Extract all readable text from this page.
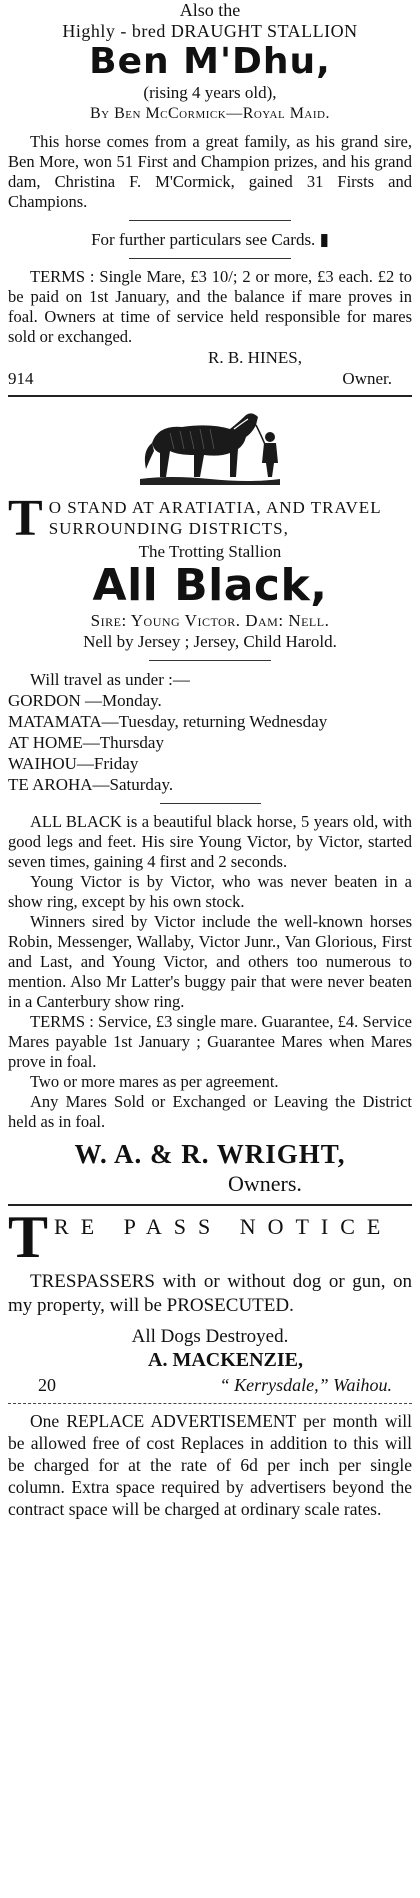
Also the
Highly - bred DRAUGHT STALLION
Ben M'Dhu,
(rising 4 years old),
By Ben McCormick—Royal Maid.

This horse comes from a great family, as his grand sire, Ben More, won 51 First and Champion prizes, and his grand dam, Christina F. M'Cormick, gained 31 Firsts and Champions.

For further particulars see Cards. ▮

TERMS : Single Mare, £3 10/; 2 or more, £3 each. £2 to be paid on 1st January, and the balance if mare proves in foal. Owners at time of service held responsible for mares sold or exchanged.

R. B. HINES,
914	Owner.
T O STAND AT ARATIATIA, AND TRAVEL SURROUNDING DISTRICTS,
The Trotting Stallion
All Black,
Sire: Young Victor. Dam: Nell.
Nell by Jersey ; Jersey, Child Harold.
Will travel as under :—
GORDON —Monday.
MATAMATA—Tuesday, returning Wednesday
AT HOME—Thursday
WAIHOU—Friday
TE AROHA—Saturday.

ALL BLACK is a beautiful black horse, 5 years old, with good legs and feet. His sire Young Victor, by Victor, started seven times, gaining 4 first and 2 seconds.

Young Victor is by Victor, who was never beaten in a show ring, except by his own stock.

Winners sired by Victor include the well-known horses Robin, Messenger, Wallaby, Victor Junr., Van Glorious, First and Last, and Young Victor, and others too numerous to mention. Also Mr Latter's buggy pair that were never beaten in a Canterbury show ring.

TERMS : Service, £3 single mare. Guarantee, £4. Service Mares payable 1st January ; Guarantee Mares when Mares prove in foal.

Two or more mares as per agreement.

Any Mares Sold or Exchanged or Leaving the District held as in foal.

W. A. & R. WRIGHT,
Owners.
T RE PASS NOTICE

TRESPASSERS with or without dog or gun, on my property, will be PROSECUTED.

All Dogs Destroyed.
A. MACKENZIE,
20	“ Kerrysdale,” Waihou.

One REPLACE ADVERTISEMENT per month will be allowed free of cost Replaces in addition to this will be charged for at the rate of 6d per inch per single column. Extra space required by advertisers beyond the contract space will be charged at ordinary scale rates.
